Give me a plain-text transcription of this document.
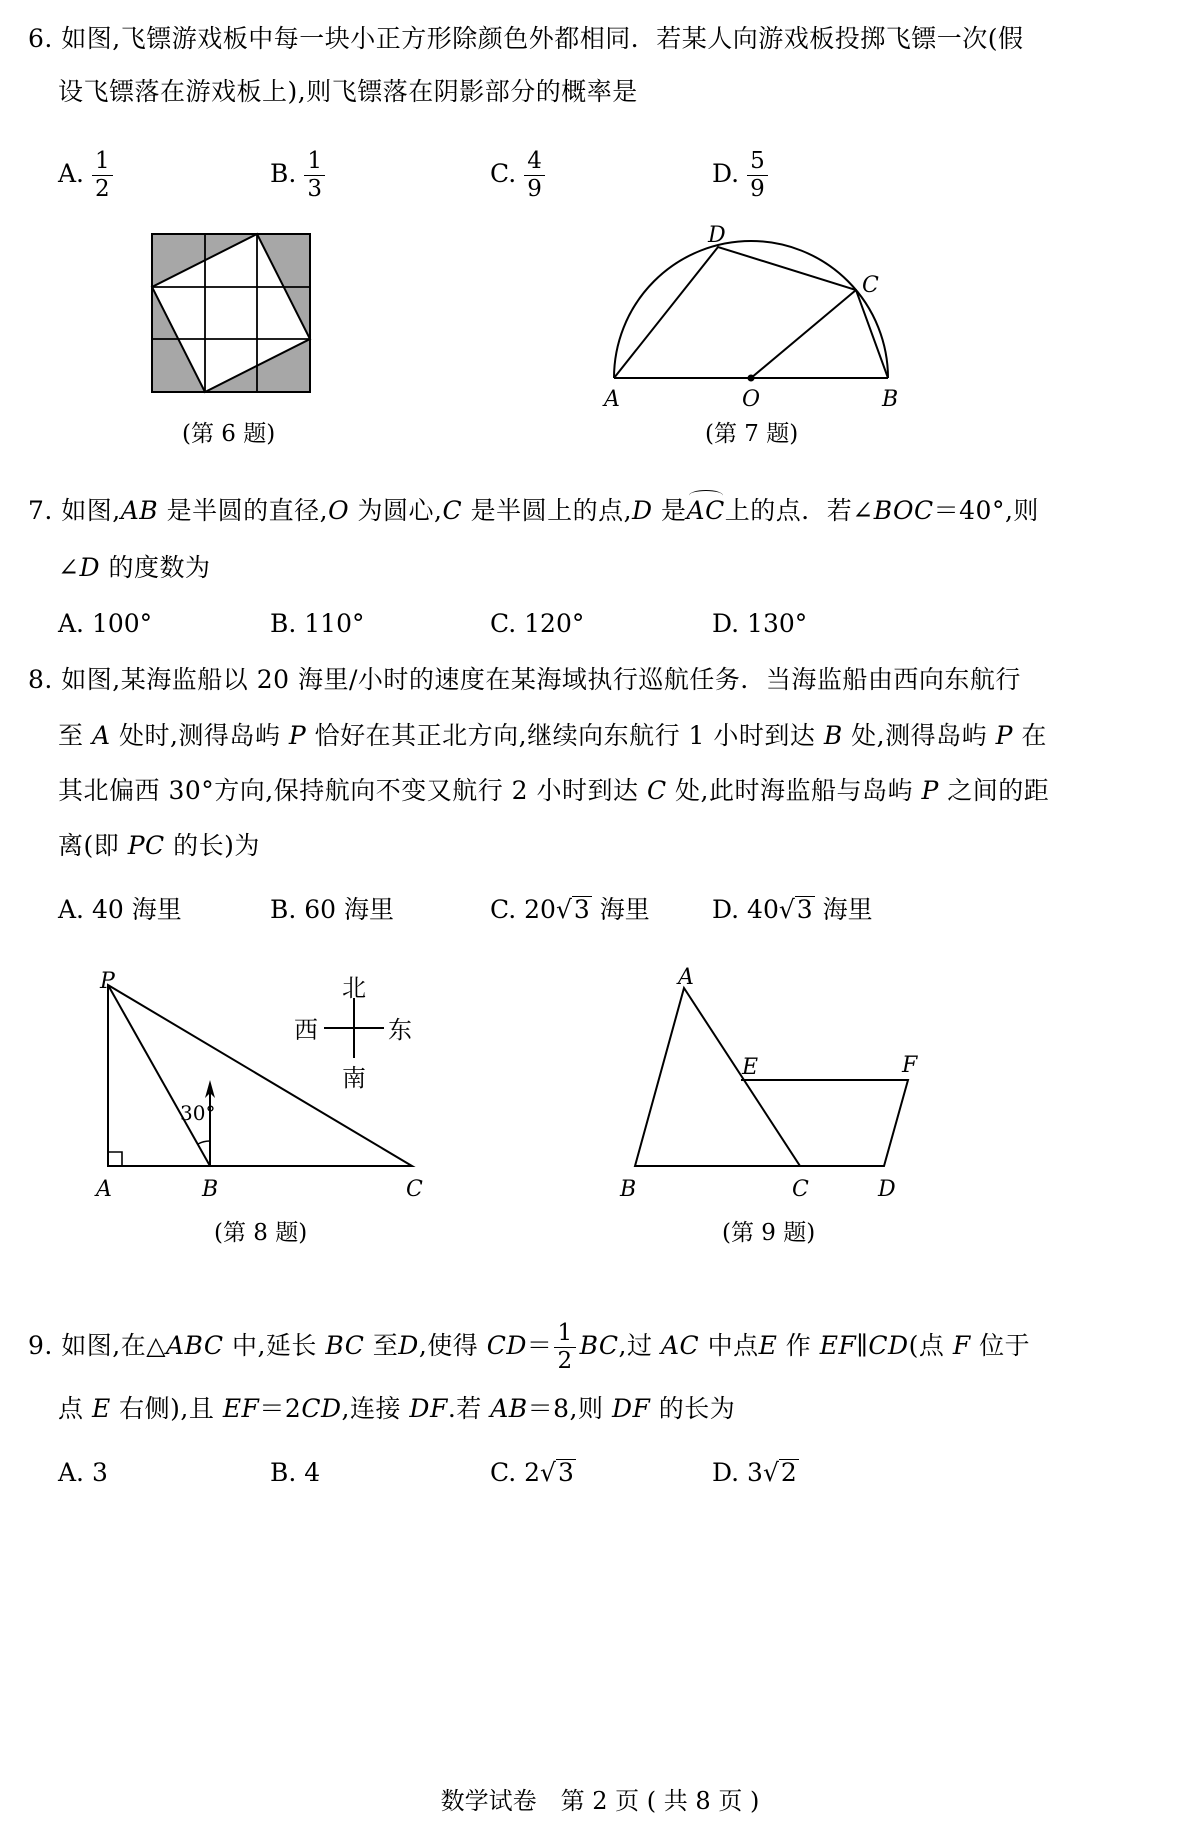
6. 如图,飞镖游戏板中每一块小正方形除颜色外都相同．若某人向游戏板投掷飞镖一次(假
设飞镖落在游戏板上),则飞镖落在阴影部分的概率是
A. $\frac{1}{2}$	B. $\frac{1}{3}$	C. $\frac{4}{9}$	D. $\frac{5}{9}$
(第 6 题)
D
C
A	O	B
(第 7 题)
7. 如图,AB 是半圆的直径,O 为圆心,C 是半圆上的点,D 是AC上的点．若∠BOC＝40°,则
∠D 的度数为
A. 100°	B. 110°	C. 120°	D. 130°
8. 如图,某海监船以 20 海里/小时的速度在某海域执行巡航任务．当海监船由西向东航行
至 A 处时,测得岛屿 P 恰好在其正北方向,继续向东航行 1 小时到达 B 处,测得岛屿 P 在
其北偏西 30°方向,保持航向不变又航行 2 小时到达 C 处,此时海监船与岛屿 P 之间的距
离(即 PC 的长)为
A. 40 海里	B. 60 海里	C. 20√3 海里 D. 40√3 海里
30°
P
A	B	C
北
南
西	东
(第 8 题)
A
E	F
B	C	D
(第 9 题)
9. 如图,在△ABC 中,延长 BC 至D,使得 $CD= \frac{1}{2}$ BC,过 AC 中点E 作 EF∥CD(点 F 位于
点 E 右侧),且 EF＝2CD,连接 DF.若 AB＝8,则 DF 的长为
A. 3	B. 4	C. 2√3	D. 3√2
数学试卷　第 2 页 ( 共 8 页 )
